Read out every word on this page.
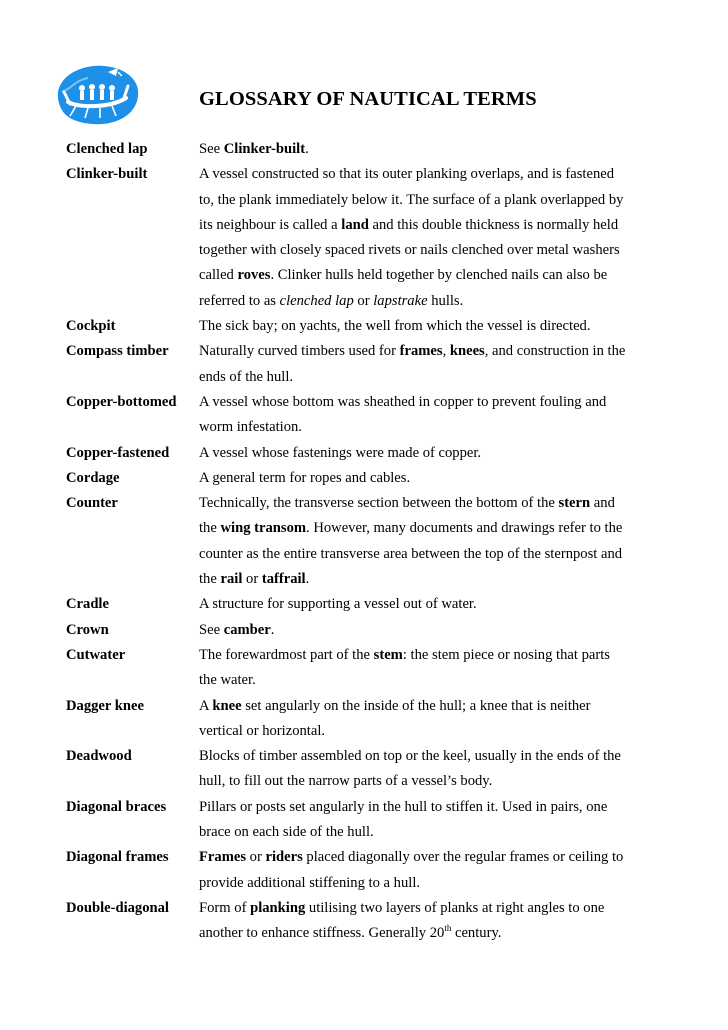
GLOSSARY OF NAUTICAL TERMS
Clenched lap	See Clinker-built.

Clinker-built	A vessel constructed so that its outer planking overlaps, and is fastened to, the plank immediately below it. The surface of a plank overlapped by its neighbour is called a land and this double thickness is normally held together with closely spaced rivets or nails clenched over metal washers called roves. Clinker hulls held together by clenched nails can also be referred to as clenched lap or lapstrake hulls.

Cockpit	The sick bay; on yachts, the well from which the vessel is directed.

Compass timber	Naturally curved timbers used for frames, knees, and construction in the ends of the hull.

Copper-bottomed	A vessel whose bottom was sheathed in copper to prevent fouling and worm infestation.

Copper-fastened	A vessel whose fastenings were made of copper.

Cordage	A general term for ropes and cables.

Counter	Technically, the transverse section between the bottom of the stern and the wing transom. However, many documents and drawings refer to the counter as the entire transverse area between the top of the sternpost and the rail or taffrail.

Cradle	A structure for supporting a vessel out of water.

Crown	See camber.

Cutwater	The forewardmost part of the stem: the stem piece or nosing that parts the water.

Dagger knee	A knee set angularly on the inside of the hull; a knee that is neither vertical or horizontal.

Deadwood	Blocks of timber assembled on top or the keel, usually in the ends of the hull, to fill out the narrow parts of a vessel’s body.

Diagonal braces	Pillars or posts set angularly in the hull to stiffen it. Used in pairs, one brace on each side of the hull.

Diagonal frames	Frames or riders placed diagonally over the regular frames or ceiling to provide additional stiffening to a hull.

Double-diagonal	Form of planking utilising two layers of planks at right angles to one another to enhance stiffness. Generally 20th century.
